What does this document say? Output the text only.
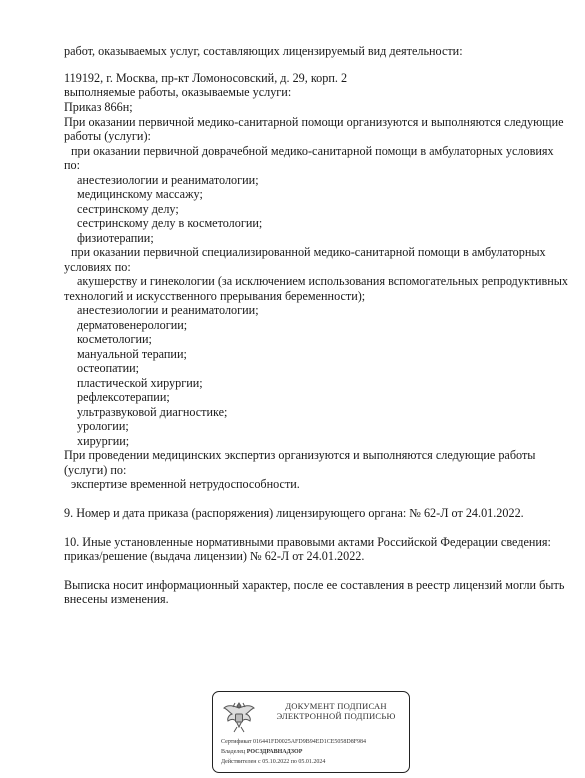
работ, оказываемых услуг, составляющих лицензируемый вид деятельности:
119192, г. Москва, пр-кт Ломоносовский, д. 29, корп. 2
выполняемые работы, оказываемые услуги:
Приказ 866н;
При оказании первичной медико-санитарной помощи организуются и выполняются следующие
работы (услуги):
при оказании первичной доврачебной медико-санитарной помощи в амбулаторных условиях
по:
анестезиологии и реаниматологии;
медицинскому массажу;
сестринскому делу;
сестринскому делу в косметологии;
физиотерапии;
при оказании первичной специализированной медико-санитарной помощи в амбулаторных
условиях по:
акушерству и гинекологии (за исключением использования вспомогательных репродуктивных
технологий и искусственного прерывания беременности);
анестезиологии и реаниматологии;
дерматовенерологии;
косметологии;
мануальной терапии;
остеопатии;
пластической хирургии;
рефлексотерапии;
ультразвуковой диагностике;
урологии;
хирургии;
При проведении медицинских экспертиз организуются и выполняются следующие работы
(услуги) по:
экспертизе временной нетрудоспособности.
9. Номер и дата приказа (распоряжения) лицензирующего органа: № 62-Л от 24.01.2022.
10. Иные установленные нормативными правовыми актами Российской Федерации сведения:
приказ/решение (выдача лицензии) № 62-Л от 24.01.2022.
Выписка носит информационный характер, после ее составления в реестр лицензий могли быть
внесены изменения.
ДОКУМЕНТ ПОДПИСАН
ЭЛЕКТРОННОЙ ПОДПИСЬЮ
Сертификат 016441FD0025AFD9B94ED1CE5058D8F984
Владелец РОСЗДРАВНАДЗОР
Действителен с 05.10.2022 по 05.01.2024
